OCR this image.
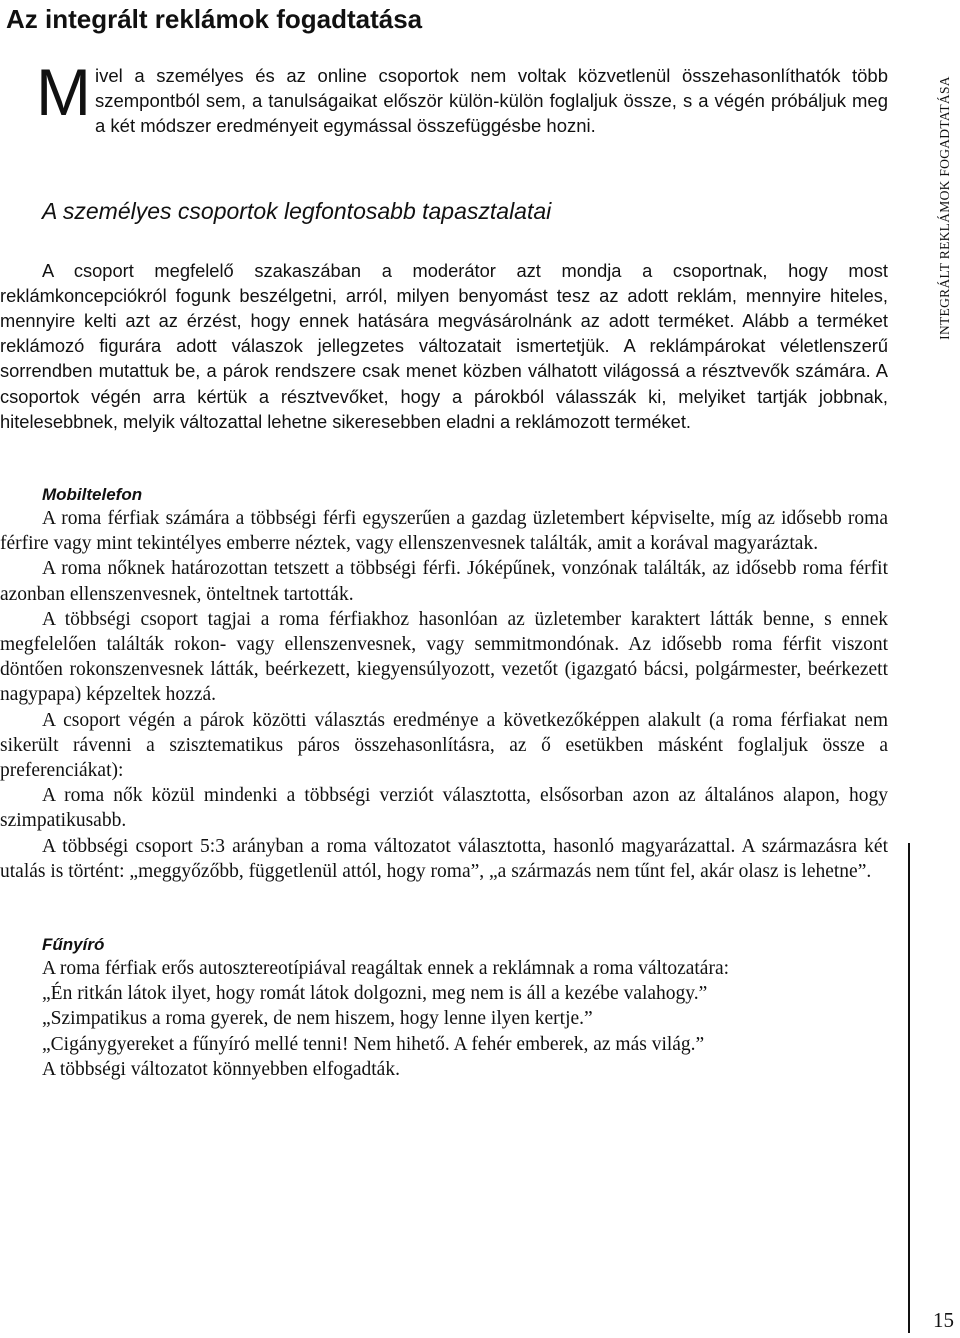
Az integrált reklámok fogadtatása
M ivel a személyes és az online csoportok nem voltak közvetlenül összehasonlíthatók több szempontból sem, a tanulságaikat először külön-külön foglaljuk össze, s a végén próbáljuk meg a két módszer eredményeit egymással összefüggésbe hozni.

A személyes csoportok legfontosabb tapasztalatai

A csoport megfelelő szakaszában a moderátor azt mondja a csoportnak, hogy most reklámkoncepciókról fogunk beszélgetni, arról, milyen benyomást tesz az adott reklám, mennyire hiteles, mennyire kelti azt az érzést, hogy ennek hatására megvásárolnánk az adott terméket. Alább a terméket reklámozó figurára adott válaszok jellegzetes változatait ismertetjük. A reklámpárokat véletlenszerű sorrendben mutattuk be, a párok rendszere csak menet közben válhatott világossá a résztvevők számára. A csoportok végén arra kértük a résztvevőket, hogy a párokból válasszák ki, melyiket tartják jobbnak, hitelesebbnek, melyik változattal lehetne sikeresebben eladni a reklámozott terméket.

Mobiltelefon

A roma férfiak számára a többségi férfi egyszerűen a gazdag üzletembert képviselte, míg az idősebb roma férfire vagy mint tekintélyes emberre néztek, vagy ellenszenvesnek találták, amit a korával magyaráztak.

A roma nőknek határozottan tetszett a többségi férfi. Jóképűnek, vonzónak találták, az idősebb roma férfit azonban ellenszenvesnek, önteltnek tartották.

A többségi csoport tagjai a roma férfiakhoz hasonlóan az üzletember karaktert látták benne, s ennek megfelelően találták rokon- vagy ellenszenvesnek, vagy semmitmondónak. Az idősebb roma férfit viszont döntően rokonszenvesnek látták, beérkezett, kiegyensúlyozott, vezetőt (igazgató bácsi, polgármester, beérkezett nagypapa) képzeltek hozzá.

A csoport végén a párok közötti választás eredménye a következőképpen alakult (a roma férfiakat nem sikerült rávenni a szisztematikus páros összehasonlításra, az ő esetükben másként foglaljuk össze a preferenciákat):

A roma nők közül mindenki a többségi verziót választotta, elsősorban azon az általános alapon, hogy szimpatikusabb.

A többségi csoport 5:3 arányban a roma változatot választotta, hasonló magyarázattal. A származásra két utalás is történt: „meggyőzőbb, függetlenül attól, hogy roma”, „a származás nem tűnt fel, akár olasz is lehetne”.

Fűnyíró

A roma férfiak erős autosztereotípiával reagáltak ennek a reklámnak a roma változatára:

„Én ritkán látok ilyet, hogy romát látok dolgozni, meg nem is áll a kezébe valahogy.”

„Szimpatikus a roma gyerek, de nem hiszem, hogy lenne ilyen kertje.”

„Cigánygyereket a fűnyíró mellé tenni! Nem hihető. A fehér emberek, az más világ.”

A többségi változatot könnyebben elfogadták.

INTEGRÁLT REKLÁMOK FOGADTATÁSA
15
